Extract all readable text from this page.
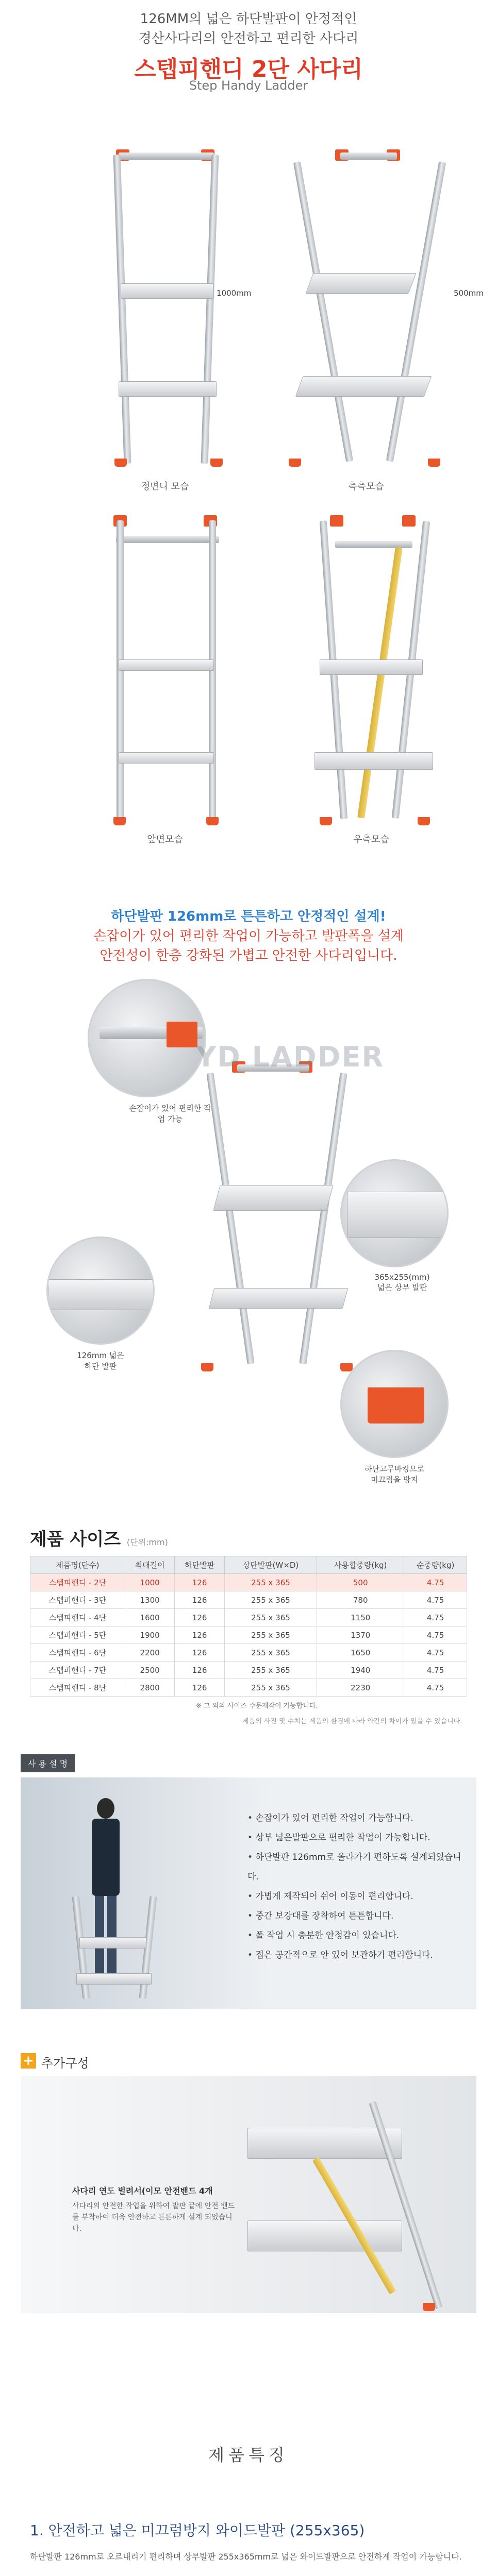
126MM의 넓은 하단발판이 안정적인
경산사다리의 안전하고 편리한 사다리
스텝피핸디 2단 사다리
Step Handy Ladder
1000mm
정면니 모습
500mm
측측모습
앞면모습	우측모습
하단발판 126mm로 튼튼하고 안정적인 설계!
손잡이가 있어 편리한 작업이 가능하고 발판폭을 설계
안전성이 한층 강화된 가볍고 안전한 사다리입니다.
손잡이가 있어 편리한 작업 가능
YD LADDER
365x255(mm)
넓은 상부 발판
126mm 넓은
하단 발판
하단고무바킹으로
미끄럼을 방지
제품 사이즈 (단위:mm)
제품명(단수)	최대길이	하단발판	상단발판(W×D)	사용할중량(kg)	순중량(kg)
스텝피핸디 - 2단	1000	126	255 x 365	500	4.75
스텝피핸디 - 3단	1300	126	255 x 365	780	4.75
스텝피핸디 - 4단	1600	126	255 x 365	1150	4.75
스텝피핸디 - 5단	1900	126	255 x 365	1370	4.75
스텝피핸디 - 6단	2200	126	255 x 365	1650	4.75
스텝피핸디 - 7단	2500	126	255 x 365	1940	4.75
스텝피핸디 - 8단	2800	126	255 x 365	2230	4.75
※ 그 외의 사이즈 주문제작이 가능합니다.
제품의 사진 및 수치는 제품의 환경에 따라 약간의 차이가 있을 수 있습니다.
사 용 설 명
• 손잡이가 있어 편리한 작업이 가능합니다.
• 상부 넓은발판으로 편리한 작업이 가능합니다.
• 하단발판 126mm로 올라가기 편하도록 설계되었습니다.
• 가볍게 제작되어 쉬어 이동이 편리합니다.
• 중간 보강대를 장착하여 튼튼합니다.
• 폴 작업 시 충분한 안정감이 있습니다.
• 접은 공간적으로 안 있어 보관하기 편리합니다.
+ 추가구성
사다리 연도 벌려서(이모 안전밴드 4개
사다리의 안전한 작업을 위하여 발판 끝에 안전 밴드를 부착하여 더욱 안전하고 튼튼하게 설계 되었습니다.
제품특징
1. 안전하고 넓은 미끄럼방지 와이드발판 (255x365)
하단발판 126mm로 오르내리기 편리하며 상부발판 255x365mm로 넓은 와이드발판으로 안전하게 작업이 가능합니다.
